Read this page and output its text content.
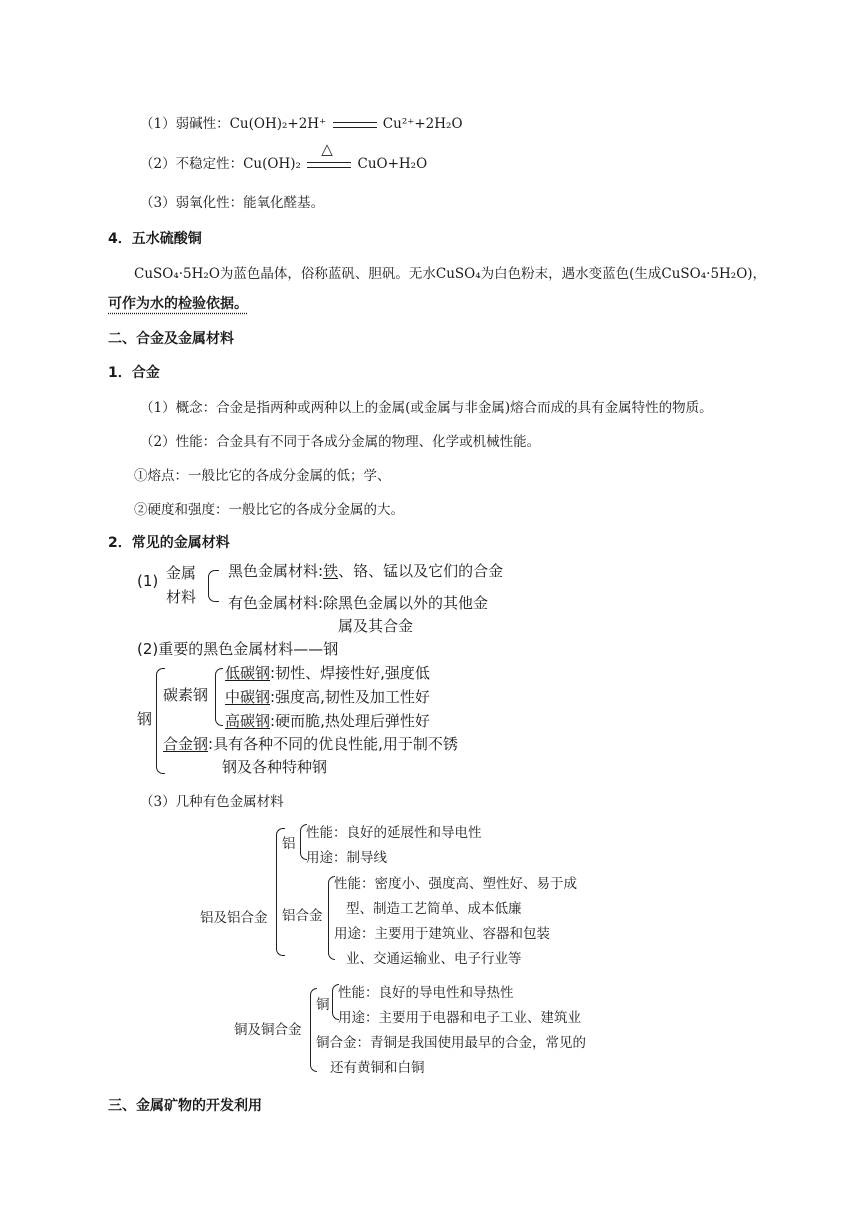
（1）弱碱性：Cu(OH)₂+2H⁺	Cu²⁺+2H₂O
（2）不稳定性：Cu(OH)₂
△
CuO+H₂O
（3）弱氧化性：能氧化醛基。
4．五水硫酸铜
CuSO₄·5H₂O为蓝色晶体，俗称蓝矾、胆矾。无水CuSO₄为白色粉末，遇水变蓝色(生成CuSO₄·5H₂O)，
可作为水的检验依据。
二、合金及金属材料
1．合金
（1）概念：合金是指两种或两种以上的金属(或金属与非金属)熔合而成的具有金属特性的物质。
（2）性能：合金具有不同于各成分金属的物理、化学或机械性能。
①熔点：一般比它的各成分金属的低；学、
②硬度和强度：一般比它的各成分金属的大。
2．常见的金属材料
(1) 金属
材料
黑色金属材料:铁、铬、锰以及它们的合金
有色金属材料:除黑色金属以外的其他金
属及其合金
(2)重要的黑色金属材料——钢
钢
碳素钢
低碳钢:韧性、焊接性好,强度低
中碳钢:强度高,韧性及加工性好
高碳钢:硬而脆,热处理后弹性好
合金钢:具有各种不同的优良性能,用于制不锈
钢及各种特种钢
（3）几种有色金属材料
铝及铝合金
铝
性能：良好的延展性和导电性
用途：制导线
铝合金
性能：密度小、强度高、塑性好、易于成
型、制造工艺简单、成本低廉
用途：主要用于建筑业、容器和包装
业、交通运输业、电子行业等
铜及铜合金
铜
性能：良好的导电性和导热性
用途：主要用于电器和电子工业、建筑业
铜合金：青铜是我国使用最早的合金，常见的
还有黄铜和白铜
三、金属矿物的开发利用
